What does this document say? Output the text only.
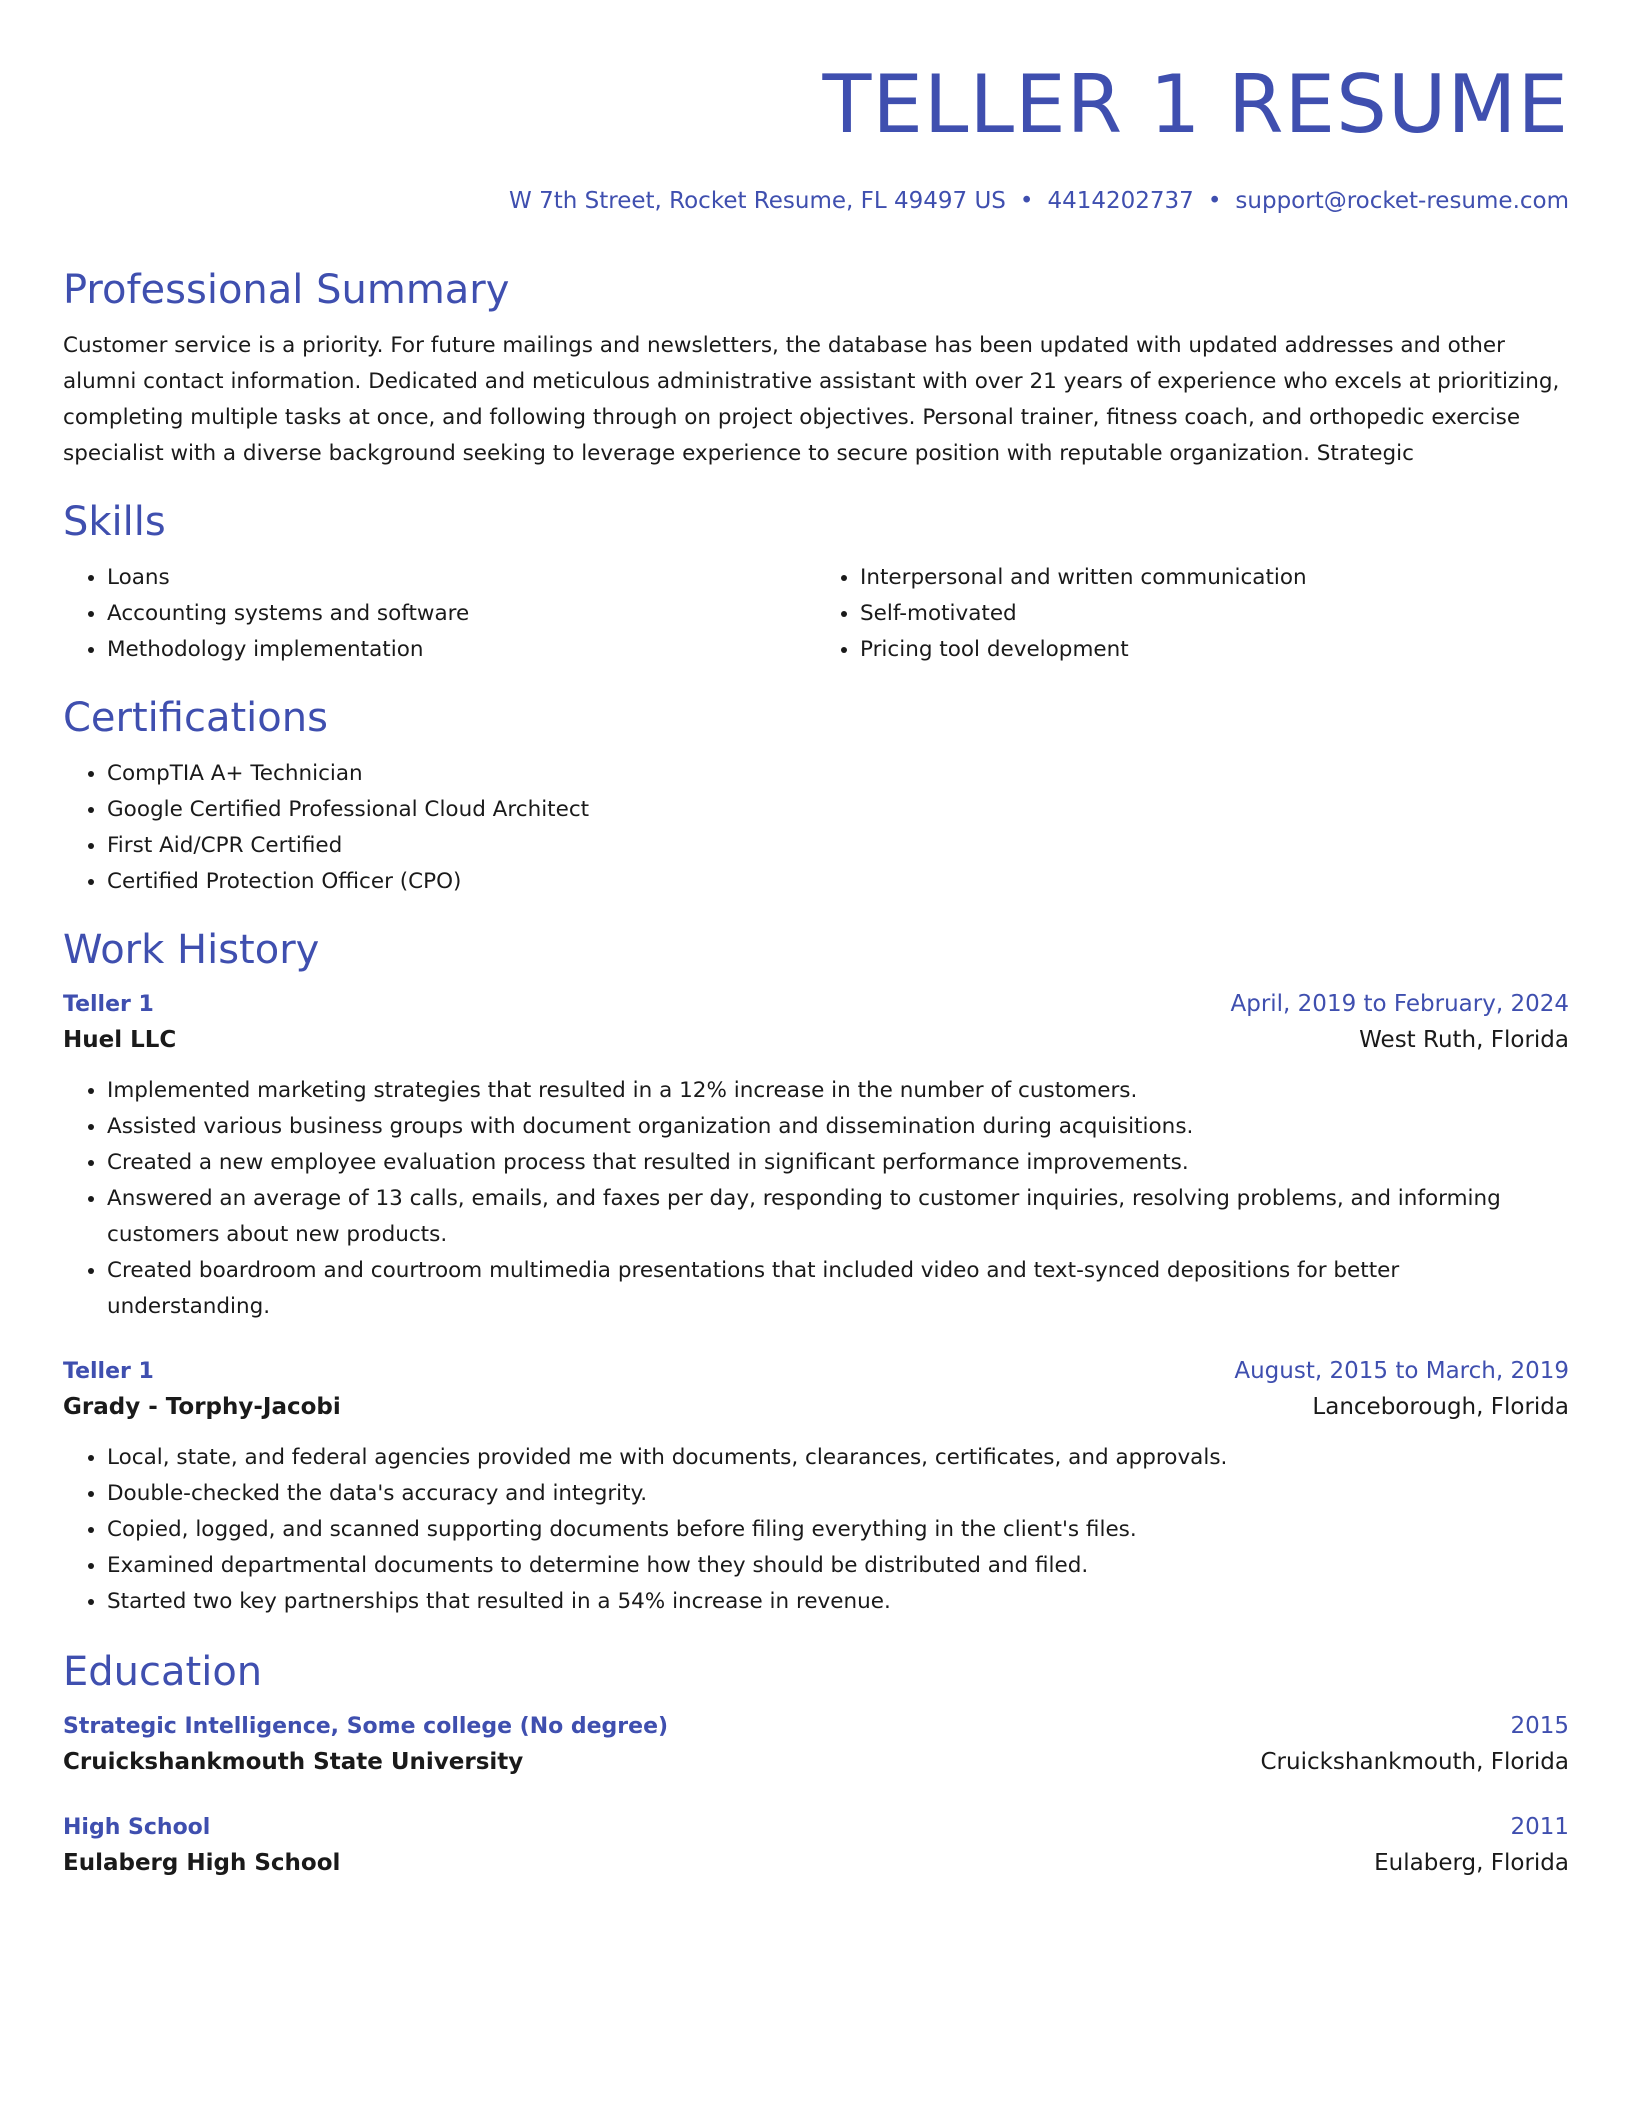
TELLER 1 RESUME
W 7th Street, Rocket Resume, FL 49497 US • 4414202737 • support@rocket-resume.com
Professional Summary
Customer service is a priority. For future mailings and newsletters, the database has been updated with updated addresses and other alumni contact information. Dedicated and meticulous administrative assistant with over 21 years of experience who excels at prioritizing, completing multiple tasks at once, and following through on project objectives. Personal trainer, fitness coach, and orthopedic exercise specialist with a diverse background seeking to leverage experience to secure position with reputable organization. Strategic
Skills
• Loans
• Accounting systems and software
• Methodology implementation
• Interpersonal and written communication
• Self-motivated
• Pricing tool development
Certifications
• CompTIA A+ Technician
• Google Certified Professional Cloud Architect
• First Aid/CPR Certified
• Certified Protection Officer (CPO)
Work History
Teller 1	April, 2019 to February, 2024
Huel LLC	West Ruth, Florida
• Implemented marketing strategies that resulted in a 12% increase in the number of customers.
• Assisted various business groups with document organization and dissemination during acquisitions.
• Created a new employee evaluation process that resulted in significant performance improvements.
• Answered an average of 13 calls, emails, and faxes per day, responding to customer inquiries, resolving problems, and informing customers about new products.
• Created boardroom and courtroom multimedia presentations that included video and text-synced depositions for better understanding.
Teller 1	August, 2015 to March, 2019
Grady - Torphy-Jacobi	Lanceborough, Florida
• Local, state, and federal agencies provided me with documents, clearances, certificates, and approvals.
• Double-checked the data's accuracy and integrity.
• Copied, logged, and scanned supporting documents before filing everything in the client's files.
• Examined departmental documents to determine how they should be distributed and filed.
• Started two key partnerships that resulted in a 54% increase in revenue.
Education
Strategic Intelligence, Some college (No degree)	2015
Cruickshankmouth State University	Cruickshankmouth, Florida
High School	2011
Eulaberg High School	Eulaberg, Florida
